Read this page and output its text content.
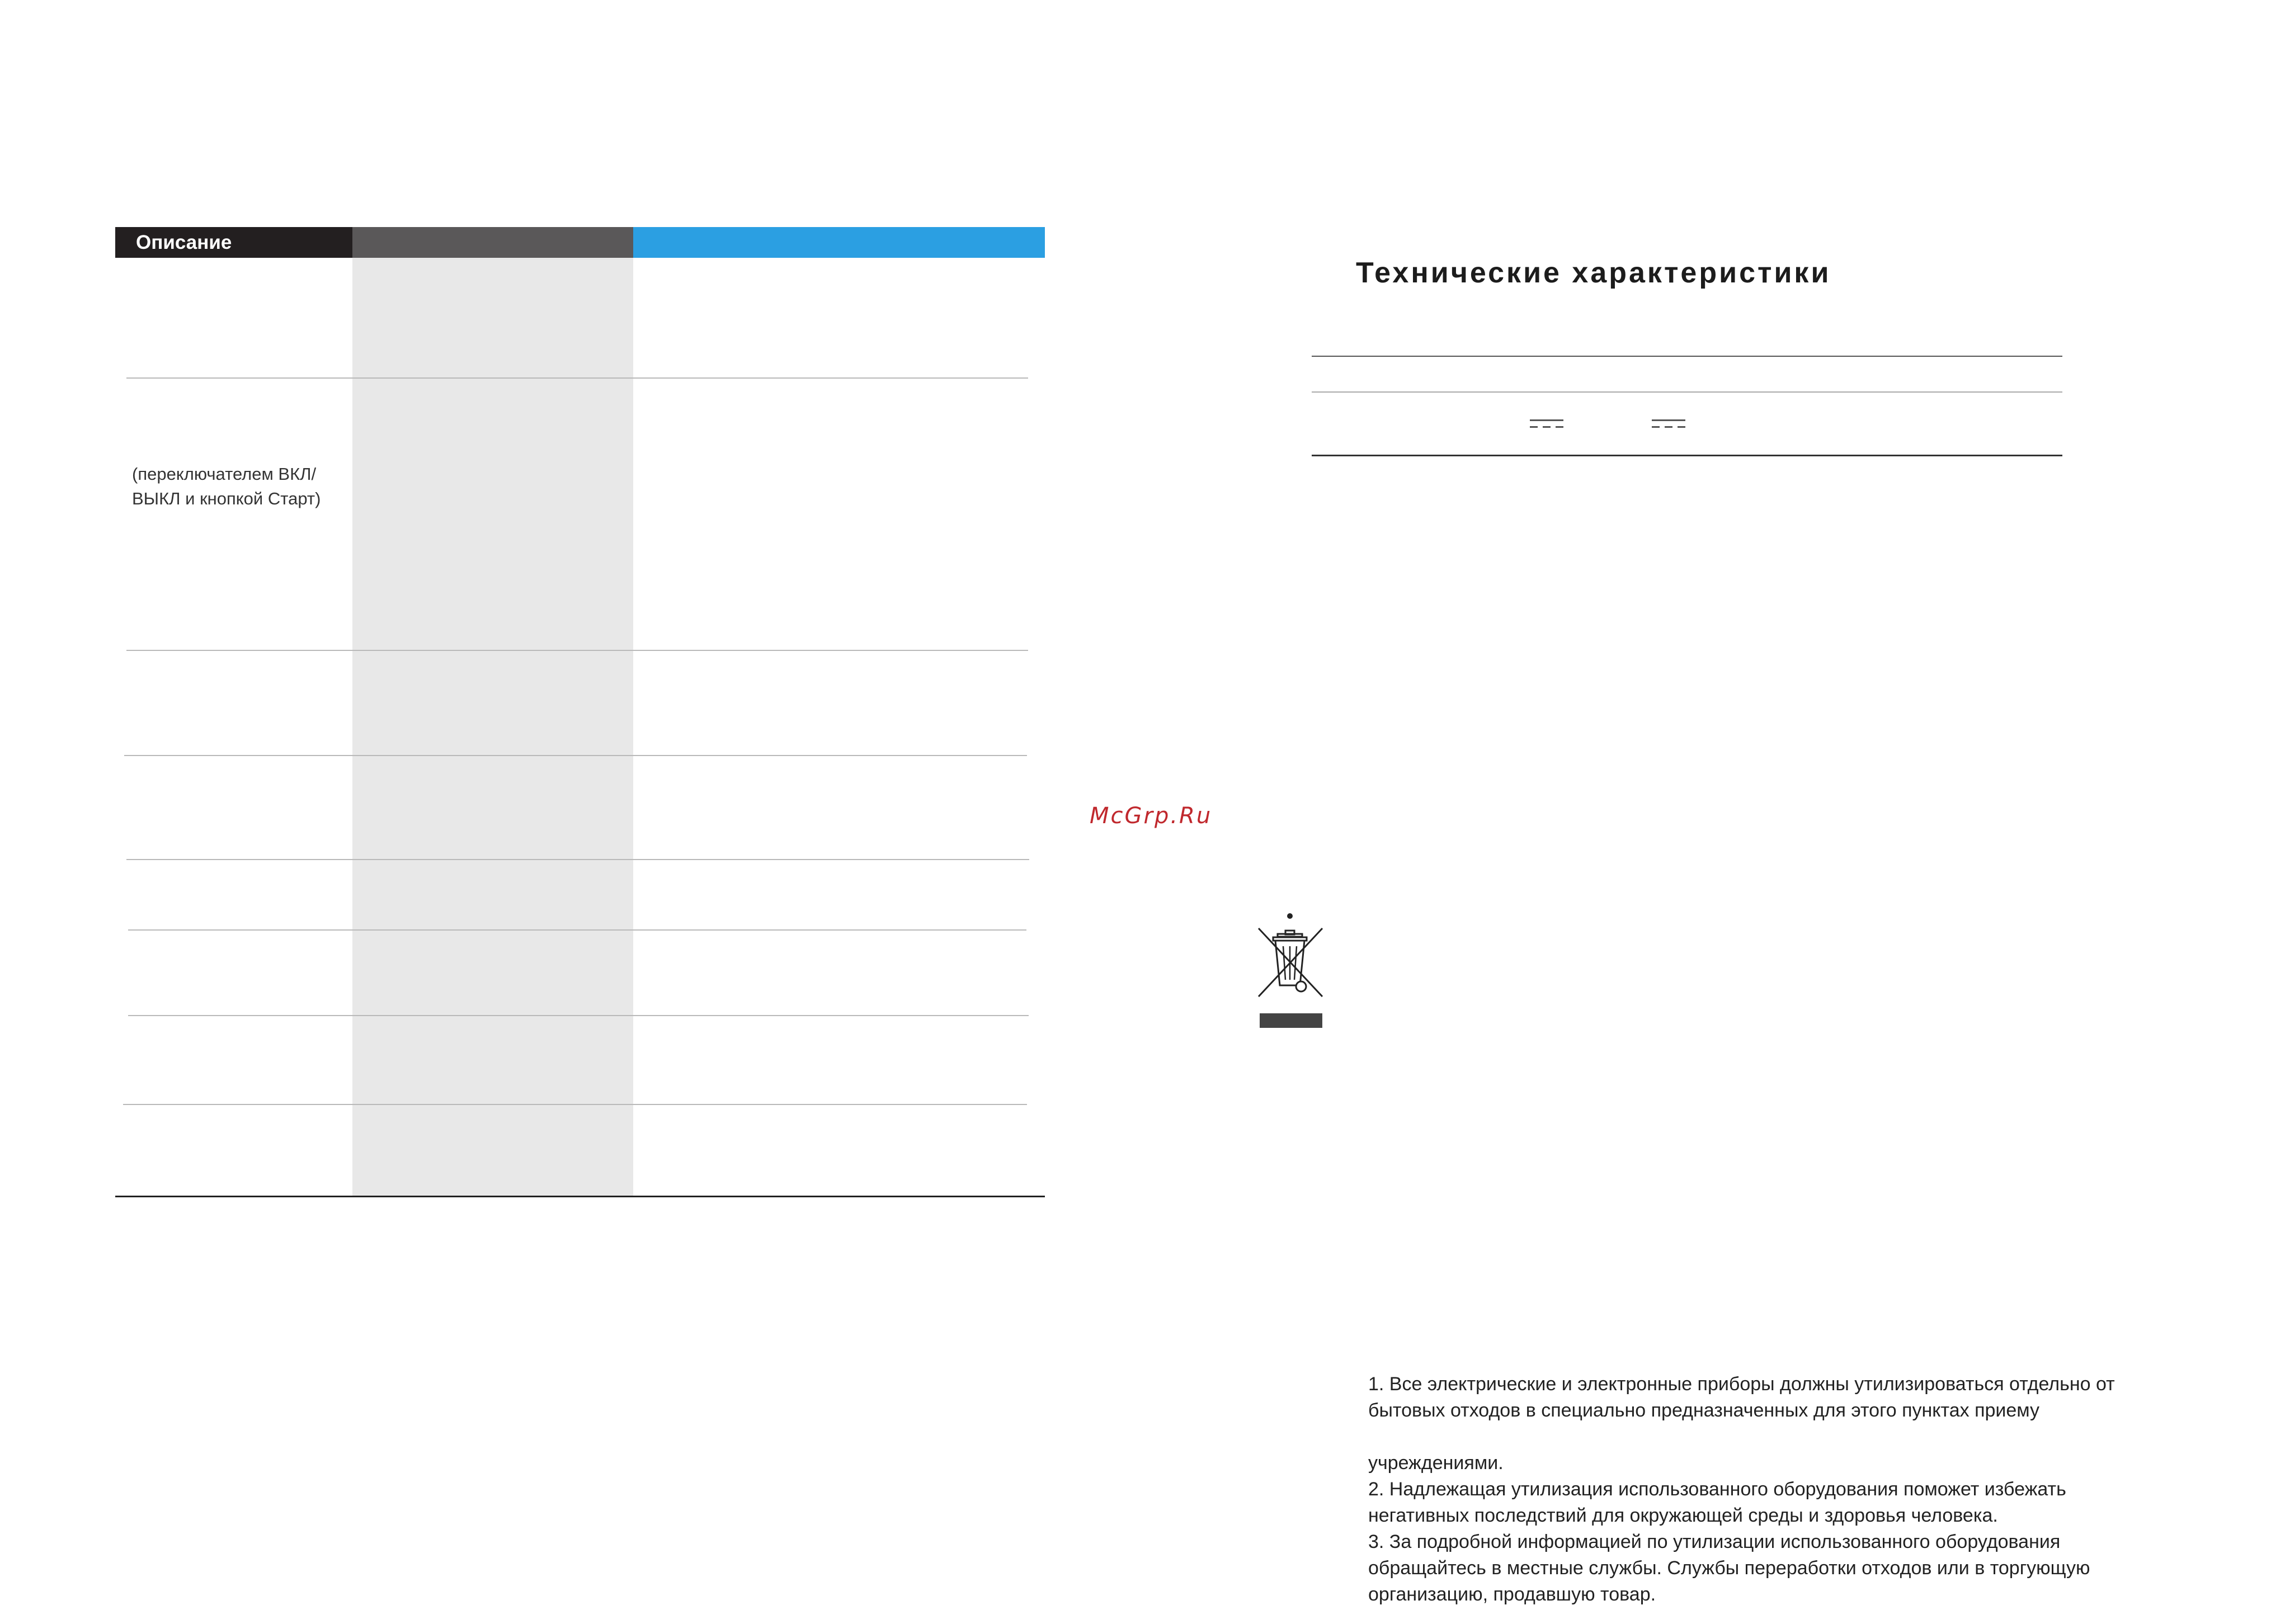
Описание
(переключателем ВКЛ/
ВЫКЛ и кнопкой Старт)
Технические характеристики
McGrp.Ru

1. Все электрические и электронные приборы должны утилизироваться отдельно от

бытовых отходов в специально предназначенных для этого пунктах приему

учреждениями.

2. Надлежащая утилизация использованного оборудования поможет избежать

негативных последствий для окружающей среды и здоровья человека.

3. За подробной информацией по утилизации использованного оборудования

обращайтесь в местные службы. Службы переработки отходов или в торгующую

организацию, продавшую товар.
